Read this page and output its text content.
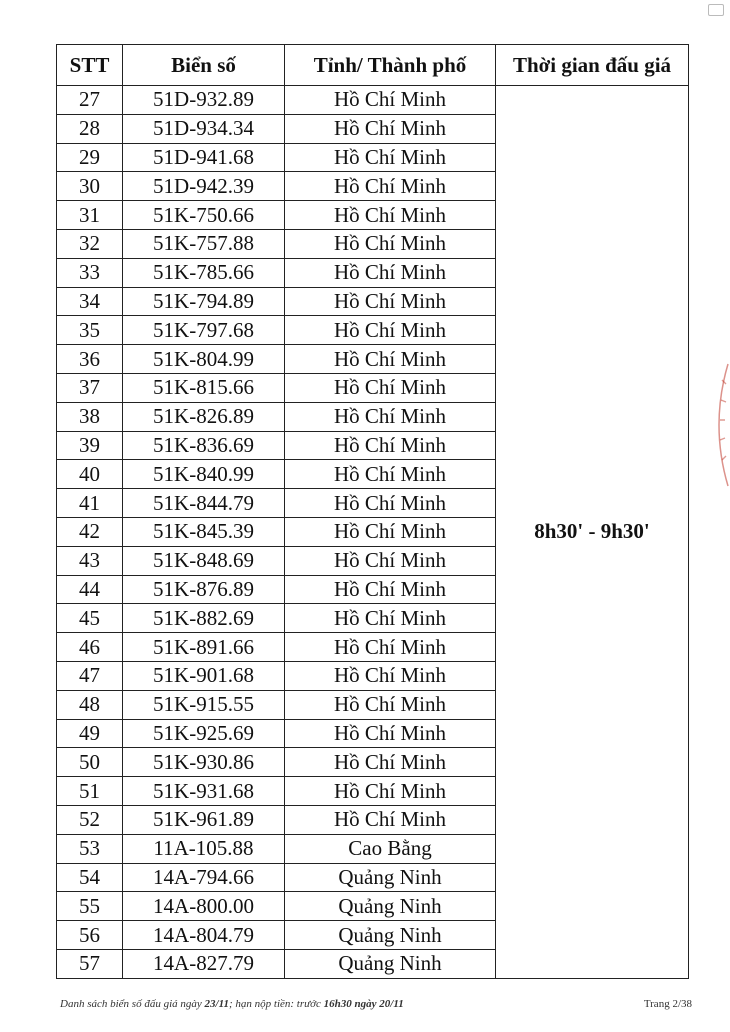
STT	Biển số	Tỉnh/ Thành phố	Thời gian đấu giá
27	51D-932.89	Hồ Chí Minh	8h30' - 9h30'
28	51D-934.34	Hồ Chí Minh	
29	51D-941.68	Hồ Chí Minh	
30	51D-942.39	Hồ Chí Minh	
31	51K-750.66	Hồ Chí Minh	
32	51K-757.88	Hồ Chí Minh	
33	51K-785.66	Hồ Chí Minh	
34	51K-794.89	Hồ Chí Minh	
35	51K-797.68	Hồ Chí Minh	
36	51K-804.99	Hồ Chí Minh	
37	51K-815.66	Hồ Chí Minh	
38	51K-826.89	Hồ Chí Minh	
39	51K-836.69	Hồ Chí Minh	
40	51K-840.99	Hồ Chí Minh	
41	51K-844.79	Hồ Chí Minh	
42	51K-845.39	Hồ Chí Minh	
43	51K-848.69	Hồ Chí Minh	
44	51K-876.89	Hồ Chí Minh	
45	51K-882.69	Hồ Chí Minh	
46	51K-891.66	Hồ Chí Minh	
47	51K-901.68	Hồ Chí Minh	
48	51K-915.55	Hồ Chí Minh	
49	51K-925.69	Hồ Chí Minh	
50	51K-930.86	Hồ Chí Minh	
51	51K-931.68	Hồ Chí Minh	
52	51K-961.89	Hồ Chí Minh	
53	11A-105.88	Cao Bằng	
54	14A-794.66	Quảng Ninh	
55	14A-800.00	Quảng Ninh	
56	14A-804.79	Quảng Ninh	
57	14A-827.79	Quảng Ninh	
Danh sách biển số đấu giá ngày 23/11; hạn nộp tiền: trước 16h30 ngày 20/11	Trang 2/38
